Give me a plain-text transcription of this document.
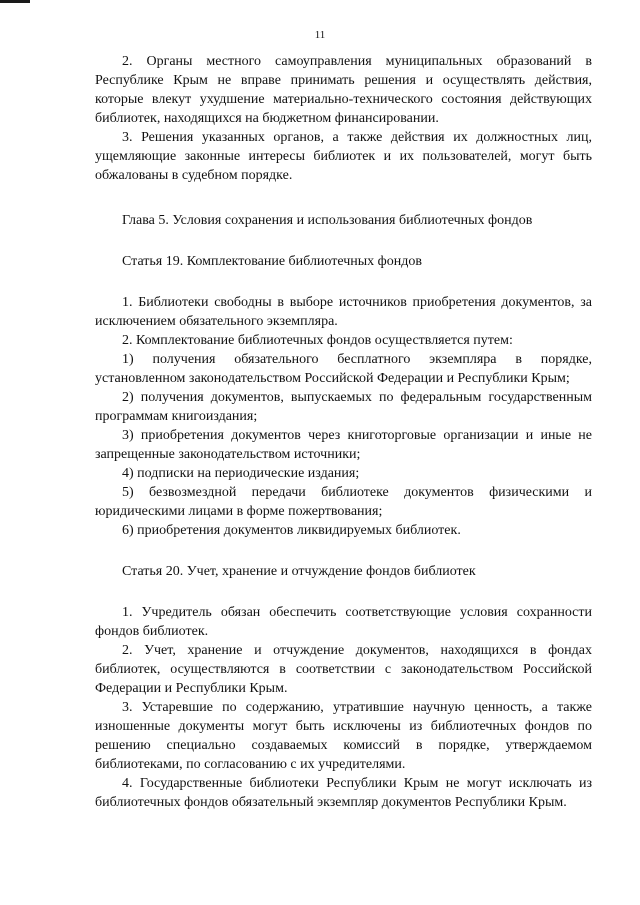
11

2. Органы местного самоуправления муниципальных образований в Республике Крым не вправе принимать решения и осуществлять действия, которые влекут ухудшение материально-технического состояния действующих библиотек, находящихся на бюджетном финансировании.

3. Решения указанных органов, а также действия их должностных лиц, ущемляющие законные интересы библиотек и их пользователей, могут быть обжалованы в судебном порядке.

Глава 5. Условия сохранения и использования библиотечных фондов

Статья 19. Комплектование библиотечных фондов

1. Библиотеки свободны в выборе источников приобретения документов, за исключением обязательного экземпляра.

2. Комплектование библиотечных фондов осуществляется путем:

1) получения обязательного бесплатного экземпляра в порядке, установленном законодательством Российской Федерации и Республики Крым;

2) получения документов, выпускаемых по федеральным государственным программам книгоиздания;

3) приобретения документов через книготорговые организации и иные не запрещенные законодательством источники;

4) подписки на периодические издания;

5) безвозмездной передачи библиотеке документов физическими и юридическими лицами в форме пожертвования;

6) приобретения документов ликвидируемых библиотек.

Статья 20. Учет, хранение и отчуждение фондов библиотек

1. Учредитель обязан обеспечить соответствующие условия сохранности фондов библиотек.

2. Учет, хранение и отчуждение документов, находящихся в фондах библиотек, осуществляются в соответствии с законодательством Российской Федерации и Республики Крым.

3. Устаревшие по содержанию, утратившие научную ценность, а также изношенные документы могут быть исключены из библиотечных фондов по решению специально создаваемых комиссий в порядке, утверждаемом библиотеками, по согласованию с их учредителями.

4. Государственные библиотеки Республики Крым не могут исключать из библиотечных фондов обязательный экземпляр документов Республики Крым.
